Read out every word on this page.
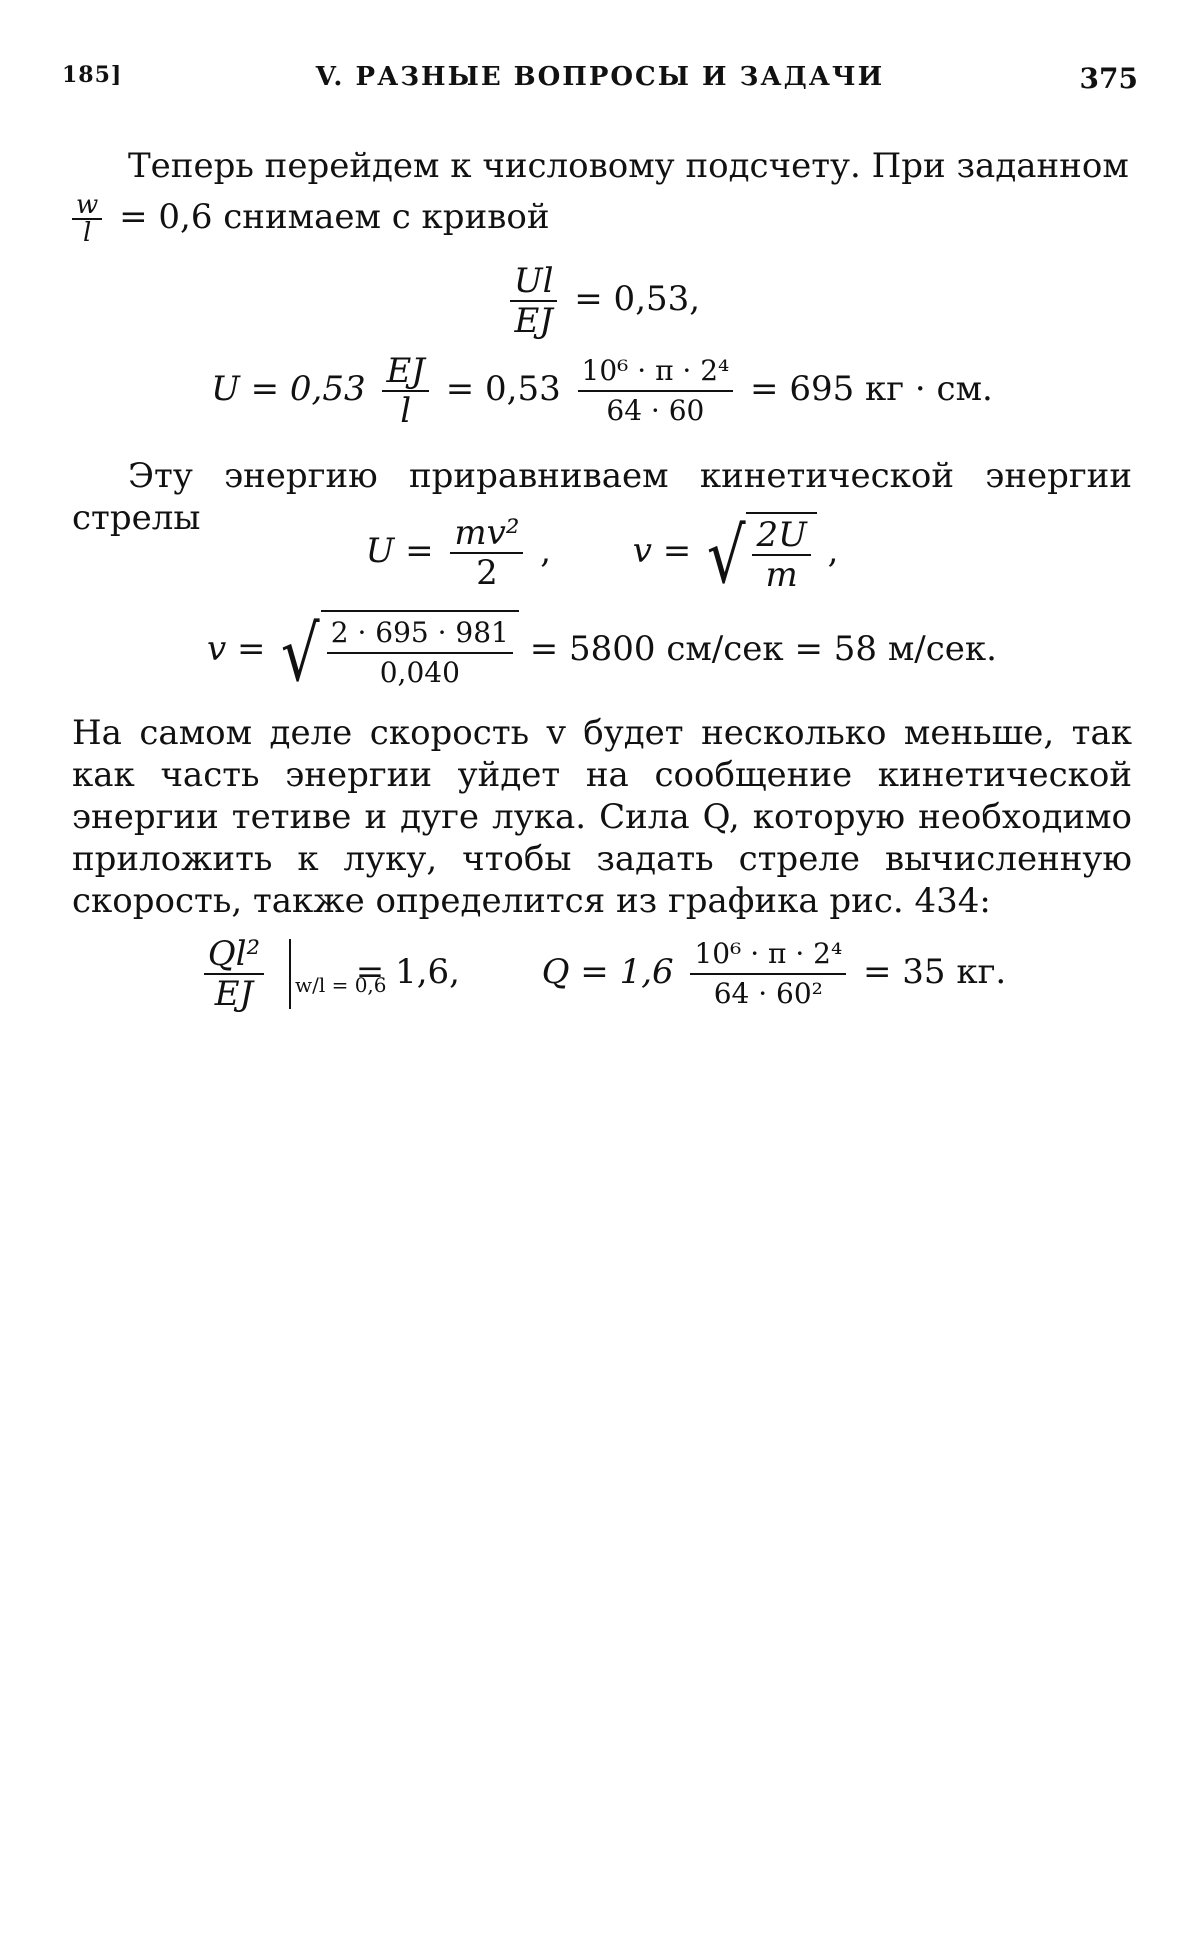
185]	V. РАЗНЫЕ ВОПРОСЫ И ЗАДАЧИ	375
Теперь перейдем к числовому подсчету. При заданном
$\frac{w}{l} = 0,6$ снимаем с кривой
$\frac{Ul}{EJ} = 0,53$,
$U = 0,53 \frac{EJ}{l} = 0,53 \frac{\text{10⁶ · π · 2⁴}}{64 \cdot 60} = 695$ кг · см.
Эту энергию приравниваем кинетической энергии стрелы
$U = \frac{\text{mv²}}{2}$ , v = √ $\frac{2U}{m}$ ,
v = √ $\frac{2 \cdot 695 \cdot 981}{0,040} = 5800$ см/сек = 58 м/сек.
На самом деле скорость v будет несколько меньше, так как часть энергии уйдет на сообщение кинетической энергии тетиве и дуге лука. Сила Q, которую необходимо приложить к луку, чтобы задать стреле вычисленную скорость, также определится из графика рис. 434:
$\frac{\text{Ql²}}{EJ}$
w/l = 0,6
= 1,6, $Q = 1,6 \frac{\text{10⁶ · π · 2⁴}}{\text{64 · 60²}} = 35$ кг.
